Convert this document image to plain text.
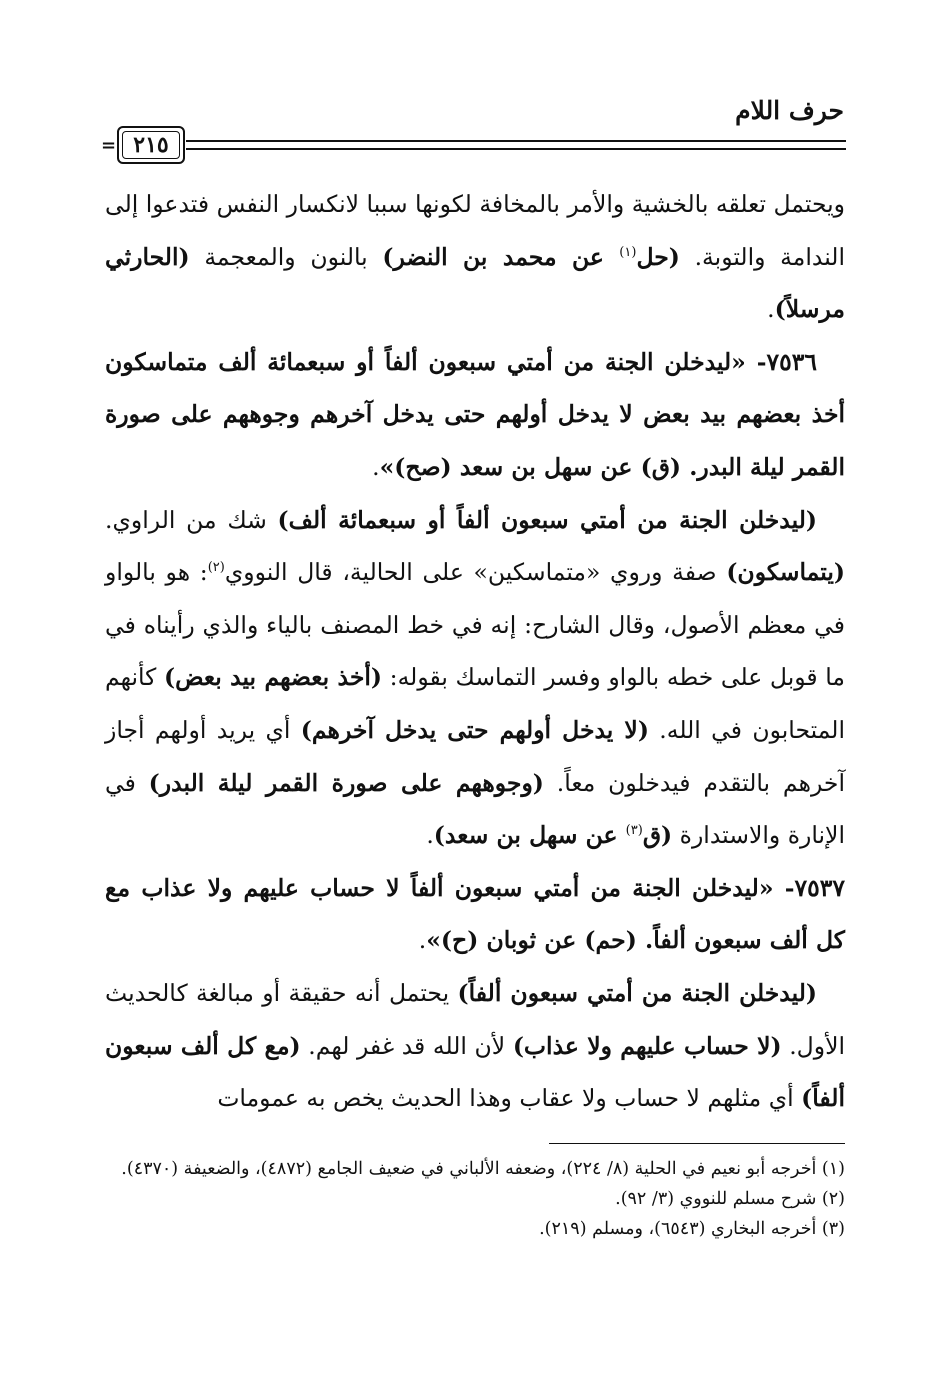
حرف اللام
٢١٥
=

ويحتمل تعلقه بالخشية والأمر بالمخافة لكونها سببا لانكسار النفس فتدعوا إلى الندامة والتوبة. (حل$^{(١)}$ عن محمد بن النضر) بالنون والمعجمة (الحارثي مرسلاً).

٧٥٣٦- «ليدخلن الجنة من أمتي سبعون ألفاً أو سبعمائة ألف متماسكون أخذ بعضهم بيد بعض لا يدخل أولهم حتى يدخل آخرهم وجوههم على صورة القمر ليلة البدر. (ق) عن سهل بن سعد (صح)».

(ليدخلن الجنة من أمتي سبعون ألفاً أو سبعمائة ألف) شك من الراوي. (يتماسكون) صفة وروي «متماسكين» على الحالية، قال النووي$^{(٢)}$: هو بالواو في معظم الأصول، وقال الشارح: إنه في خط المصنف بالياء والذي رأيناه في ما قوبل على خطه بالواو وفسر التماسك بقوله: (أخذ بعضهم بيد بعض) كأنهم المتحابون في الله. (لا يدخل أولهم حتى يدخل آخرهم) أي يريد أولهم أجاز آخرهم بالتقدم فيدخلون معاً. (وجوههم على صورة القمر ليلة البدر) في الإنارة والاستدارة (ق$^{(٣)}$ عن سهل بن سعد).

٧٥٣٧- «ليدخلن الجنة من أمتي سبعون ألفاً لا حساب عليهم ولا عذاب مع كل ألف سبعون ألفاً. (حم) عن ثوبان (ح)».

(ليدخلن الجنة من أمتي سبعون ألفاً) يحتمل أنه حقيقة أو مبالغة كالحديث الأول. (لا حساب عليهم ولا عذاب) لأن الله قد غفر لهم. (مع كل ألف سبعون ألفاً) أي مثلهم لا حساب ولا عقاب وهذا الحديث يخص به عمومات

(١) أخرجه أبو نعيم في الحلية (٨/ ٢٢٤)، وضعفه الألباني في ضعيف الجامع (٤٨٧٢)، والضعيفة (٤٣٧٠).

(٢) شرح مسلم للنووي (٣/ ٩٢).

(٣) أخرجه البخاري (٦٥٤٣)، ومسلم (٢١٩).
